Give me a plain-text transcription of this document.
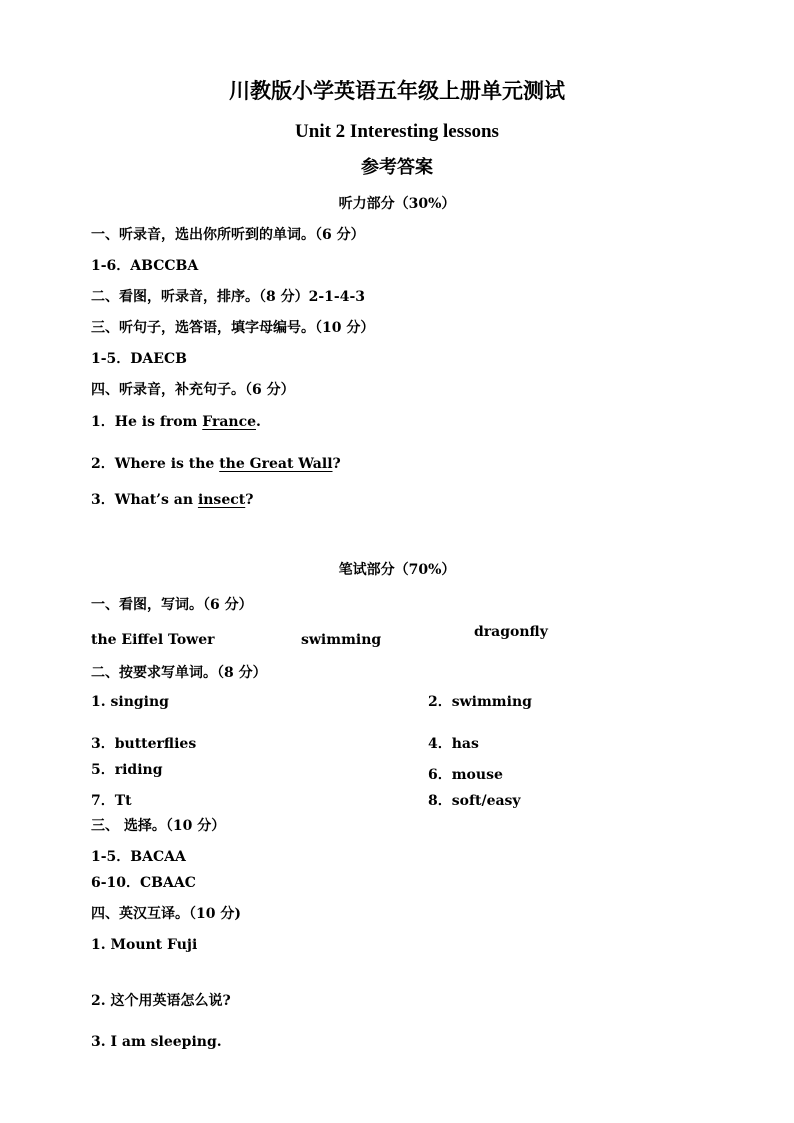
川教版小学英语五年级上册单元测试
Unit 2 Interesting lessons
参考答案
听力部分（30%）
一、听录音，选出你所听到的单词。（6 分）
1-6．ABCCBA
二、看图，听录音，排序。（8 分）2-1-4-3
三、听句子，选答语，填字母编号。（10 分）
1-5．DAECB
四、听录音，补充句子。（6 分）
1．He is from France.
2．Where is the the Great Wall?
3．What’s an insect?
笔试部分（70%）
一、看图，写词。（6 分）
the Eiffel Tower	swimming	dragonfly
二、按要求写单词。（8 分）
1. singing	2．swimming
3．butterflies	4．has
5．riding	6．mouse
7．Tt	8．soft/easy
三、 选择。（10 分）
1-5．BACAA
6-10．CBAAC
四、英汉互译。（10 分)
1. Mount Fuji
2. 这个用英语怎么说?
3. I am sleeping.
